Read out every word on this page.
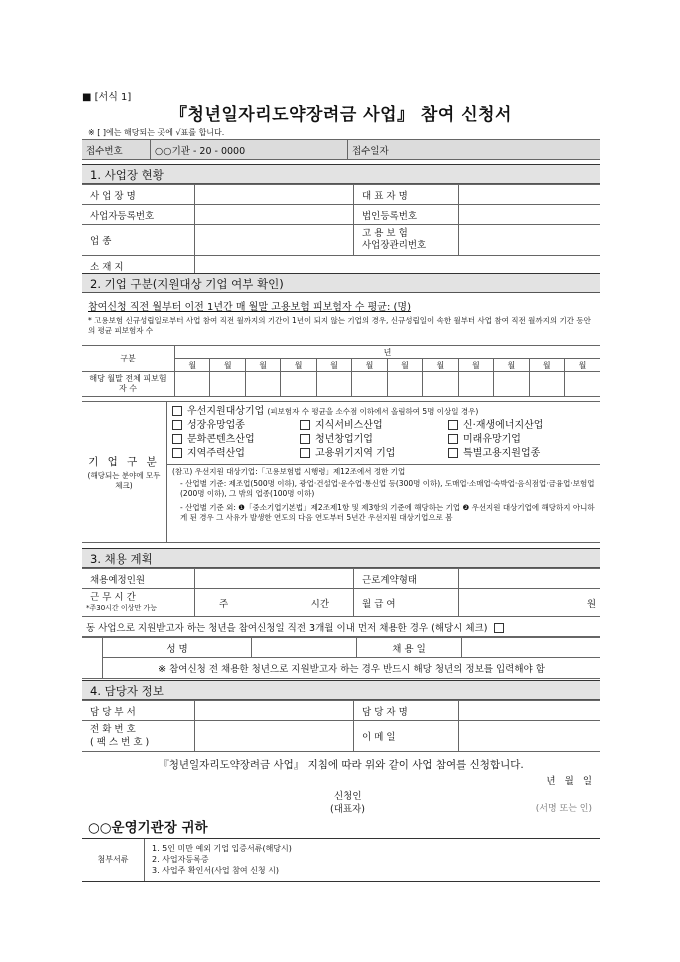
■ [서식 1]
『청년일자리도약장려금 사업』 참여 신청서
※ [ ]에는 해당되는 곳에 √표를 합니다.
접수번호	○○기관 - 20 - 0000	접수일자
1. 사업장 현황
사 업 장 명		대 표 자 명	

사업자등록번호		법인등록번호	

업 종		고 용 보 험
사업장관리번호	

소 재 지			

2. 기업 구분(지원대상 기업 여부 확인)
참여신청 직전 월부터 이전 1년간 매 월말 고용보험 피보험자 수 평균: (명)
* 고용보험 신규성립일로부터 사업 참여 직전 월까지의 기간이 1년이 되지 않는 기업의 경우, 신규성립일이 속한 월부터 사업 참여 직전 월까지의 기간 동안의 평균 피보험자 수
구분	년											
	월	월	월	월	월	월	월	월	월	월	월	월
해당 월말 전체 피보험자 수												
기 업 구 분
(해당되는 분야에 모두 체크)
우선지원대상기업 (피보험자 수 평균을 소수점 이하에서 올림하여 5명 이상일 경우)
성장유망업종	지식서비스산업	신·재생에너지산업
문화콘텐츠산업	청년창업기업	미래유망기업
지역주력산업	고용위기지역 기업	특별고용지원업종
(참고) 우선지원 대상기업:「고용보험법 시행령」제12조에서 정한 기업
- 산업별 기준: 제조업(500명 이하), 광업·건설업·운수업·통신업 등(300명 이하), 도매업·소매업·숙박업·음식점업·금융업·보험업(200명 이하), 그 밖의 업종(100명 이하)
- 산업별 기준 외: ❶「중소기업기본법」제2조제1항 및 제3항의 기준에 해당하는 기업 ❷ 우선지원 대상기업에 해당하지 아니하게 된 경우 그 사유가 발생한 연도의 다음 연도부터 5년간 우선지원 대상기업으로 봄
3. 채용 계획
채용예정인원		근로계약형태	

근 무 시 간
*주30시간 이상만 가능	주 시간	월 급 여	원
동 사업으로 지원받고자 하는 청년을 참여신청일 직전 3개월 이내 먼저 채용한 경우 (해당시 체크)			
	성 명		채 용 일	
	※ 참여신청 전 채용한 청년으로 지원받고자 하는 경우 반드시 해당 청년의 정보를 입력해야 함			
4. 담당자 정보
담 당 부 서		담 당 자 명	

전 화 번 호
( 팩 스 번 호 )		이 메 일	

『청년일자리도약장려금 사업』 지침에 따라 위와 같이 사업 참여를 신청합니다.
년 월 일
신청인
(대표자)	(서명 또는 인)
○○운영기관장 귀하
첨부서류
1. 5인 미만 예외 기업 입증서류(해당시)
2. 사업자등록증
3. 사업주 확인서(사업 참여 신청 시)
